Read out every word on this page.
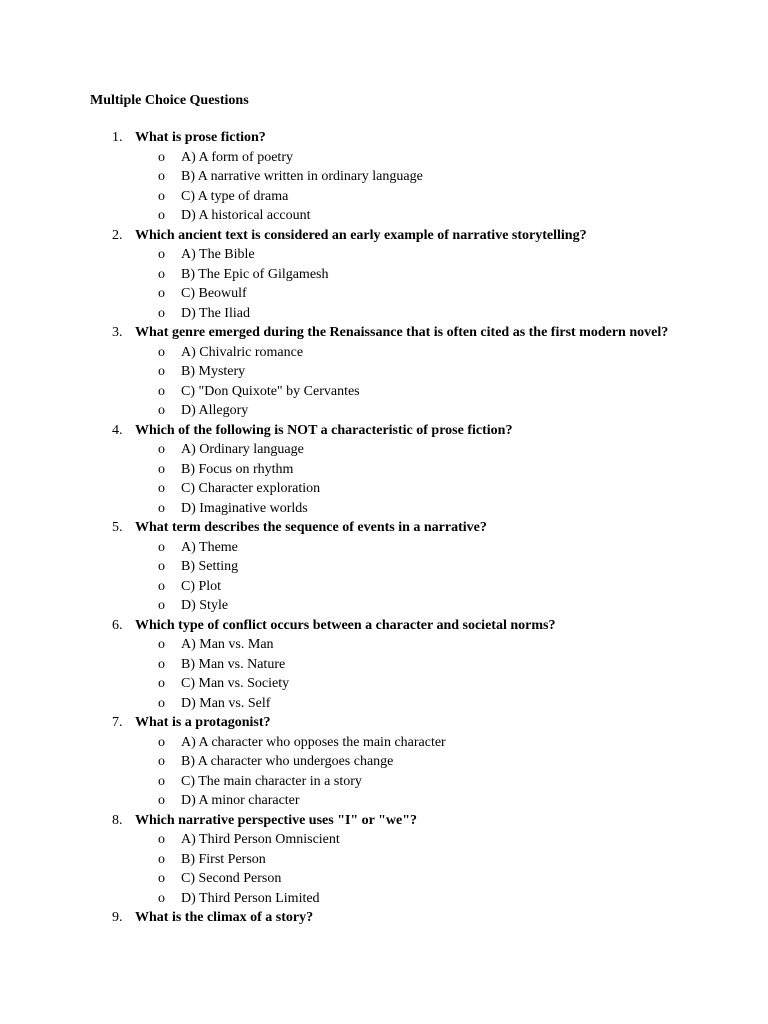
Multiple Choice Questions
1. What is prose fiction?
o A) A form of poetry
o B) A narrative written in ordinary language
o C) A type of drama
o D) A historical account
2. Which ancient text is considered an early example of narrative storytelling?
o A) The Bible
o B) The Epic of Gilgamesh
o C) Beowulf
o D) The Iliad
3. What genre emerged during the Renaissance that is often cited as the first modern novel?
o A) Chivalric romance
o B) Mystery
o C) "Don Quixote" by Cervantes
o D) Allegory
4. Which of the following is NOT a characteristic of prose fiction?
o A) Ordinary language
o B) Focus on rhythm
o C) Character exploration
o D) Imaginative worlds
5. What term describes the sequence of events in a narrative?
o A) Theme
o B) Setting
o C) Plot
o D) Style
6. Which type of conflict occurs between a character and societal norms?
o A) Man vs. Man
o B) Man vs. Nature
o C) Man vs. Society
o D) Man vs. Self
7. What is a protagonist?
o A) A character who opposes the main character
o B) A character who undergoes change
o C) The main character in a story
o D) A minor character
8. Which narrative perspective uses "I" or "we"?
o A) Third Person Omniscient
o B) First Person
o C) Second Person
o D) Third Person Limited
9. What is the climax of a story?
